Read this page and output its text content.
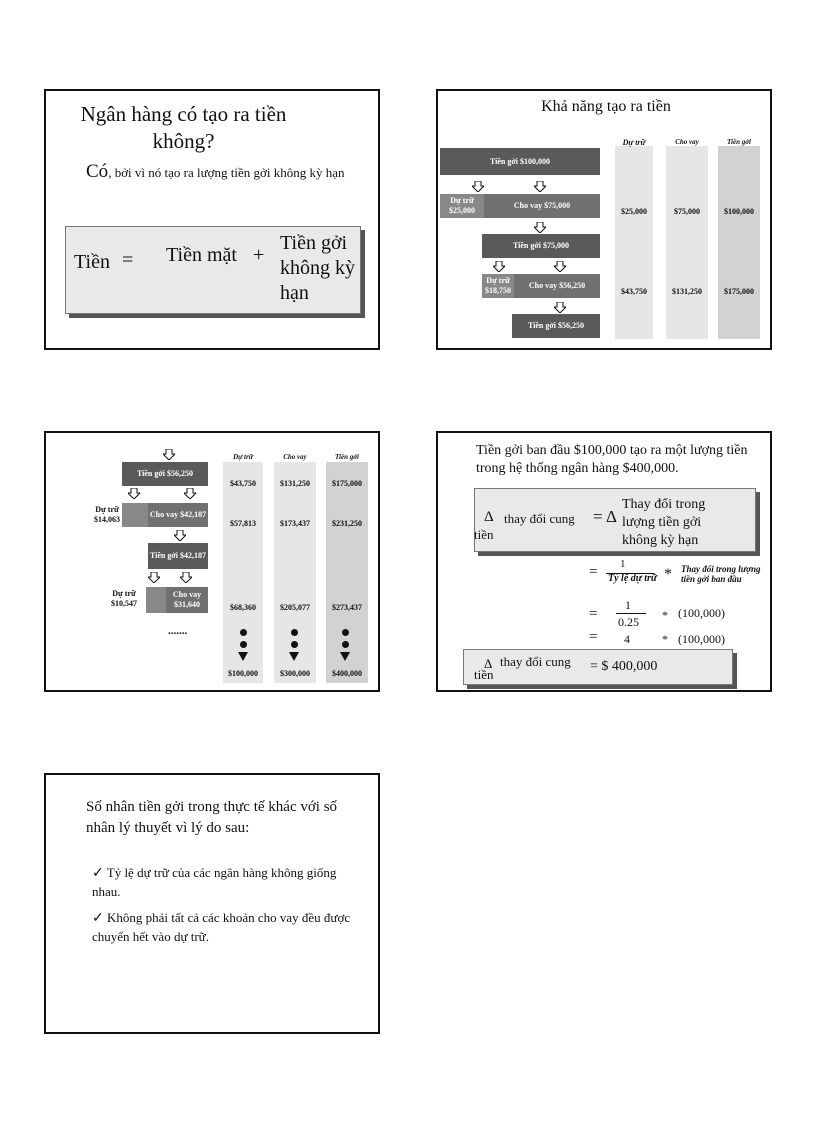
Ngân hàng có tạo ra tiền không?
Có, bởi vì nó tạo ra lượng tiền gởi không kỳ hạn
Tiền = Tiền mặt +
Tiền gởi không kỳ hạn
Khả năng tạo ra tiền
Dự trữ	Cho vay	Tiền gởi
Tiền gởi $100,000
Dự trữ $25,000
Cho vay $75,000
Tiền gởi $75,000
Dự trữ $18,750
Cho vay $56,250
Tiền gởi $56,250
$25,000	$75,000	$100,000
$43,750	$131,250	$175,000
Dự trữ	Cho vay	Tiền gởi
Tiền gởi $56,250
Dự trữ $14,063
Cho vay $42,187
Tiền gởi $42,187
Dự trữ $10,547
Cho vay $31,640
.......
$43,750	$131,250	$175,000
$57,813	$173,437	$231,250
$68,360	$205,077	$273,437
$100,000	$300,000	$400,000
Tiền gởi ban đầu $100,000 tạo ra một lượng tiền trong hệ thống ngân hàng $400,000.
Δ thay đổi cung tiền
= Δ
Thay đổi trong lượng tiền gởi không kỳ hạn
= 1
Tỷ lệ dự trữ * Thay đổi trong lượng tiền gởi ban đầu
=
1
0.25 * (100,000)
= 4	* (100,000)
Δ thay đổi cung tiền
= $ 400,000
Số nhân tiền gởi trong thực tế khác với số nhân lý thuyết vì lý do sau:
✓ Tỷ lệ dự trữ của các ngân hàng không giống nhau.
✓ Không phải tất cả các khoản cho vay đều được chuyển hết vào dự trữ.
